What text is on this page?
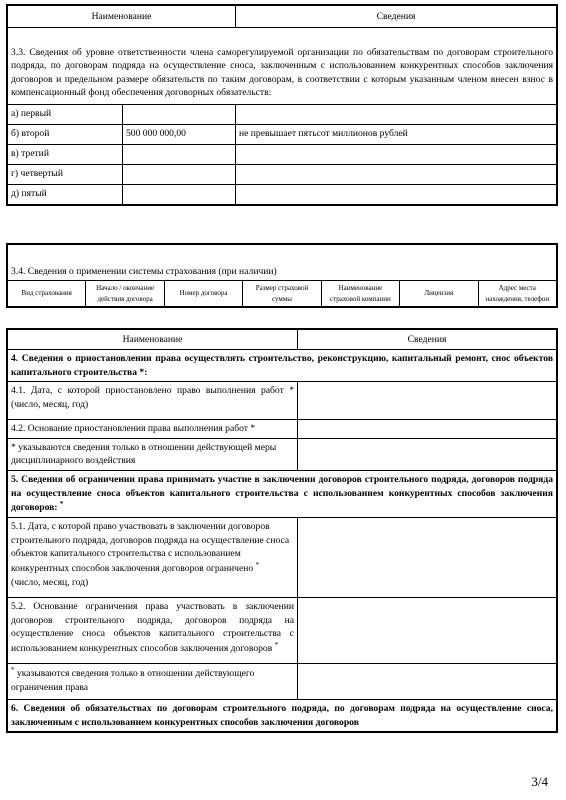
Наименование		Сведения

3.3. Сведения об уровне ответственности члена саморегулируемой организации по обязательствам по договорам строительного подряда, по договорам подряда на осуществление сноса, заключенным с использованием конкурентных способов заключения договоров и предельном размере обязательств по таким договорам, в соответствии с которым указанным членом внесен взнос в компенсационный фонд обеспечения договорных обязательств:		
а) первый		
б) второй	500 000 000,00	не превышает пятьсот миллионов рублей
в) третий		
г) четвертый		
д) пятый		

3.4. Сведения о применении системы страхования (при наличии)
Вид страхования	Начало / окончание действия договора	Номер договора	Размер страховой суммы	Наименование страховой компании	Лицензия	Адрес места нахождения, телефон
Наименование	Сведения
4. Сведения о приостановлении права осуществлять строительство, реконструкцию, капитальный ремонт, снос объектов капитального строительства *:	
4.1. Дата, с которой приостановлено право выполнения работ * (число, месяц, год)	
4.2. Основание приостановления права выполнения работ *	
* указываются сведения только в отношении действующей меры дисциплинарного воздействия	
5. Сведения об ограничении права принимать участие в заключении договоров строительного подряда, договоров подряда на осуществление сноса объектов капитального строительства с использованием конкурентных способов заключения договоров: *
5.1. Дата, с которой право участвовать в заключении договоров строительного подряда, договоров подряда на осуществление сноса объектов капитального строительства с использованием конкурентных способов заключения договоров ограничено *
(число, месяц, год)	
5.2. Основание ограничения права участвовать в заключении договоров строительного подряда, договоров подряда на осуществление сноса объектов капитального строительства с использованием конкурентных способов заключения договоров *	
* указываются сведения только в отношении действующего ограничения права	
6. Сведения об обязательствах по договорам строительного подряда, по договорам подряда на осуществление сноса, заключенным с использованием конкурентных способов заключения договоров	
3/4
